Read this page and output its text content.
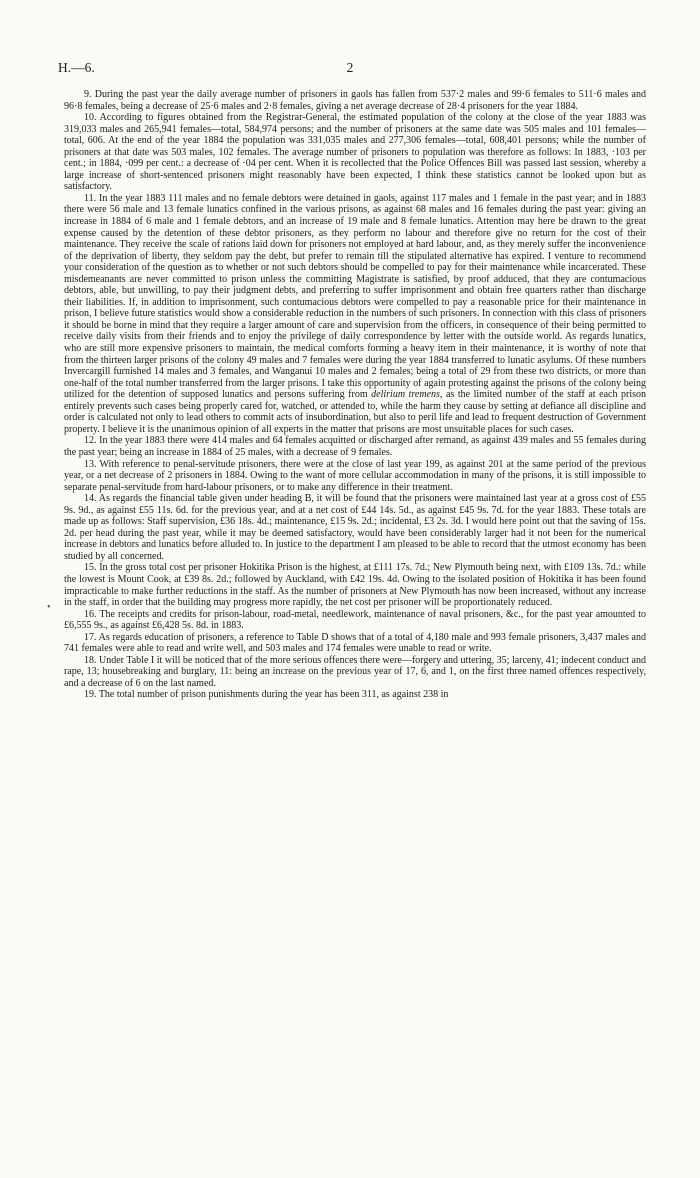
H.—6.	2
•

9. During the past year the daily average number of prisoners in gaols has fallen from 537·2 males and 99·6 females to 511·6 males and 96·8 females, being a decrease of 25·6 males and 2·8 females, giving a net average decrease of 28·4 prisoners for the year 1884.

10. According to figures obtained from the Registrar-General, the estimated population of the colony at the close of the year 1883 was 319,033 males and 265,941 females—total, 584,974 persons; and the number of prisoners at the same date was 505 males and 101 females—total, 606. At the end of the year 1884 the population was 331,035 males and 277,306 females—total, 608,401 persons; while the number of prisoners at that date was 503 males, 102 females. The average number of prisoners to population was therefore as follows: In 1883, ·103 per cent.; in 1884, ·099 per cent.: a decrease of ·04 per cent. When it is recollected that the Police Offences Bill was passed last session, whereby a large increase of short-sentenced prisoners might reasonably have been expected, I think these statistics cannot be looked upon but as satisfactory.

11. In the year 1883 111 males and no female debtors were detained in gaols, against 117 males and 1 female in the past year; and in 1883 there were 56 male and 13 female lunatics confined in the various prisons, as against 68 males and 16 females during the past year: giving an increase in 1884 of 6 male and 1 female debtors, and an increase of 19 male and 8 female lunatics. Attention may here be drawn to the great expense caused by the detention of these debtor prisoners, as they perform no labour and therefore give no return for the cost of their maintenance. They receive the scale of rations laid down for prisoners not employed at hard labour, and, as they merely suffer the inconvenience of the deprivation of liberty, they seldom pay the debt, but prefer to remain till the stipulated alternative has expired. I venture to recommend your consideration of the question as to whether or not such debtors should be compelled to pay for their maintenance while incarcerated. These misdemeanants are never committed to prison unless the committing Magistrate is satisfied, by proof adduced, that they are contumacious debtors, able, but unwilling, to pay their judgment debts, and preferring to suffer imprisonment and obtain free quarters rather than discharge their liabilities. If, in addition to imprisonment, such contumacious debtors were compelled to pay a reasonable price for their maintenance in prison, I believe future statistics would show a considerable reduction in the numbers of such prisoners. In connection with this class of prisoners it should be borne in mind that they require a larger amount of care and supervision from the officers, in consequence of their being permitted to receive daily visits from their friends and to enjoy the privilege of daily correspondence by letter with the outside world. As regards lunatics, who are still more expensive prisoners to maintain, the medical comforts forming a heavy item in their maintenance, it is worthy of note that from the thirteen larger prisons of the colony 49 males and 7 females were during the year 1884 transferred to lunatic asylums. Of these numbers Invercargill furnished 14 males and 3 females, and Wanganui 10 males and 2 females; being a total of 29 from these two districts, or more than one-half of the total number transferred from the larger prisons. I take this opportunity of again protesting against the prisons of the colony being utilized for the detention of supposed lunatics and persons suffering from delirium tremens, as the limited number of the staff at each prison entirely prevents such cases being properly cared for, watched, or attended to, while the harm they cause by setting at defiance all discipline and order is calculated not only to lead others to commit acts of insubordination, but also to peril life and lead to frequent destruction of Government property. I believe it is the unanimous opinion of all experts in the matter that prisons are most unsuitable places for such cases.

12. In the year 1883 there were 414 males and 64 females acquitted or discharged after remand, as against 439 males and 55 females during the past year; being an increase in 1884 of 25 males, with a decrease of 9 females.

13. With reference to penal-servitude prisoners, there were at the close of last year 199, as against 201 at the same period of the previous year, or a net decrease of 2 prisoners in 1884. Owing to the want of more cellular accommodation in many of the prisons, it is still impossible to separate penal-servitude from hard-labour prisoners, or to make any difference in their treatment.

14. As regards the financial table given under heading B, it will be found that the prisoners were maintained last year at a gross cost of £55 9s. 9d., as against £55 11s. 6d. for the previous year, and at a net cost of £44 14s. 5d., as against £45 9s. 7d. for the year 1883. These totals are made up as follows: Staff supervision, £36 18s. 4d.; maintenance, £15 9s. 2d.; incidental, £3 2s. 3d. I would here point out that the saving of 15s. 2d. per head during the past year, while it may be deemed satisfactory, would have been considerably larger had it not been for the numerical increase in debtors and lunatics before alluded to. In justice to the department I am pleased to be able to record that the utmost economy has been studied by all concerned.

15. In the gross total cost per prisoner Hokitika Prison is the highest, at £111 17s. 7d.; New Plymouth being next, with £109 13s. 7d.: while the lowest is Mount Cook, at £39 8s. 2d.; followed by Auckland, with £42 19s. 4d. Owing to the isolated position of Hokitika it has been found impracticable to make further reductions in the staff. As the number of prisoners at New Plymouth has now been increased, without any increase in the staff, in order that the building may progress more rapidly, the net cost per prisoner will be proportionately reduced.

16. The receipts and credits for prison-labour, road-metal, needlework, maintenance of naval prisoners, &c., for the past year amounted to £6,555 9s., as against £6,428 5s. 8d. in 1883.

17. As regards education of prisoners, a reference to Table D shows that of a total of 4,180 male and 993 female prisoners, 3,437 males and 741 females were able to read and write well, and 503 males and 174 females were unable to read or write.

18. Under Table I it will be noticed that of the more serious offences there were—forgery and uttering, 35; larceny, 41; indecent conduct and rape, 13; housebreaking and burglary, 11: being an increase on the previous year of 17, 6, and 1, on the first three named offences respectively, and a decrease of 6 on the last named.

19. The total number of prison punishments during the year has been 311, as against 238 in
